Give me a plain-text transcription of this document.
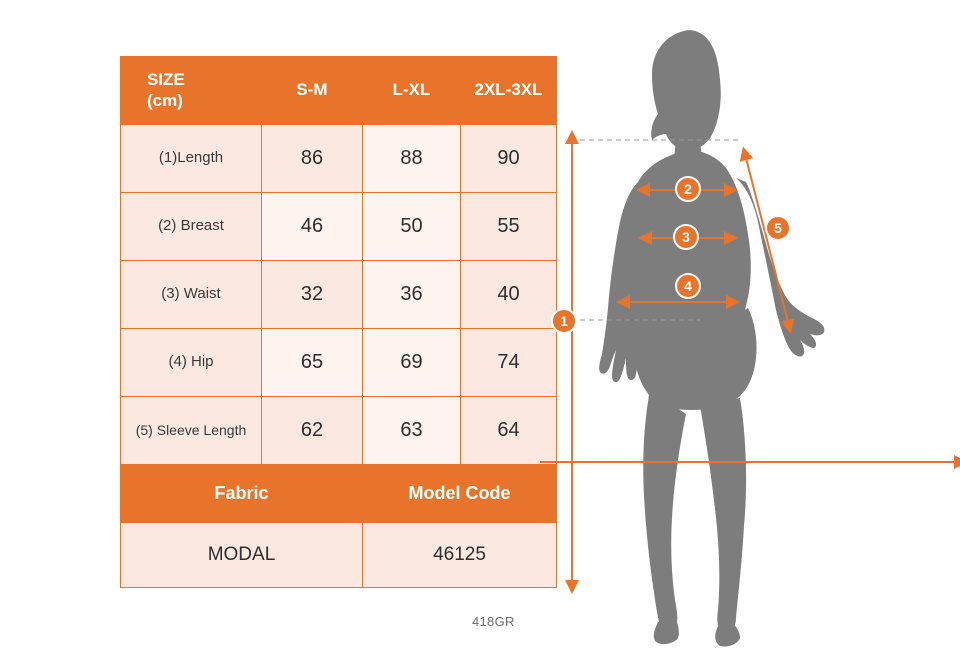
SIZE
(cm)	S-M	L-XL	2XL-3XL
(1)Length	86	88	90
(2) Breast	46	50	55
(3) Waist	32	36	40
(4) Hip	65	69	74
(5) Sleeve Length	62	63	64
Fabric		Model Code	
MODAL		46125	
418GR
1
2
3
4
5
